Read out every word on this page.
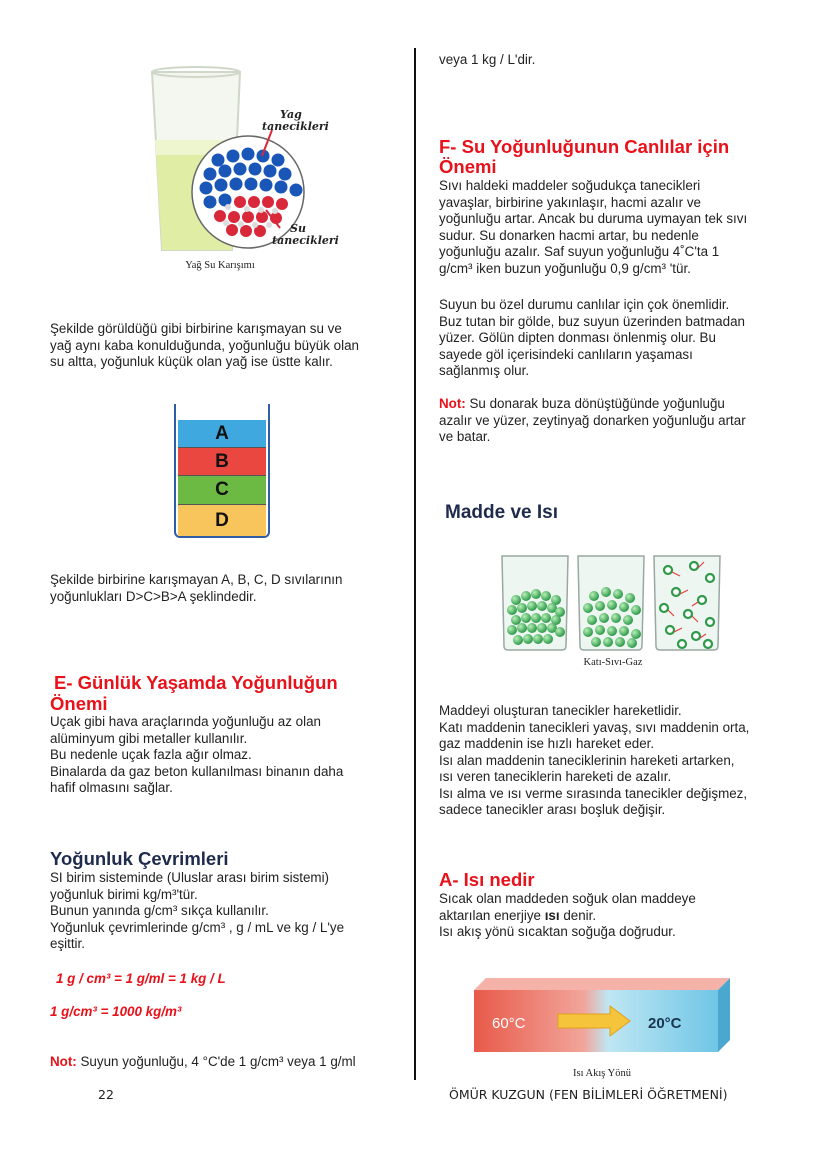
Yag
tanecikleri
Su
tanecikleri
Yağ Su Karışımı
Şekilde görüldüğü gibi birbirine karışmayan su ve
yağ aynı kaba konulduğunda, yoğunluğu büyük olan
su altta, yoğunluk küçük olan yağ ise üstte kalır.
A
B
C
D
Şekilde birbirine karışmayan A, B, C, D sıvılarının
yoğunlukları D>C>B>A şeklindedir.
E- Günlük Yaşamda Yoğunluğun
Önemi
Uçak gibi hava araçlarında yoğunluğu az olan
alüminyum gibi metaller kullanılır.
Bu nedenle uçak fazla ağır olmaz.
Binalarda da gaz beton kullanılması binanın daha
hafif olmasını sağlar.
Yoğunluk Çevrimleri
SI birim sisteminde (Uluslar arası birim sistemi)
yoğunluk birimi kg/m³'tür.
Bunun yanında g/cm³ sıkça kullanılır.
Yoğunluk çevrimlerinde g/cm³ , g / mL ve kg / L'ye
eşittir.
1 g / cm³ = 1 g/ml = 1 kg / L
1 g/cm³ = 1000 kg/m³
Not: Suyun yoğunluğu, 4 °C'de 1 g/cm³ veya 1 g/ml
22
veya 1 kg / L'dir.
F- Su Yoğunluğunun Canlılar için
Önemi
Sıvı haldeki maddeler soğudukça tanecikleri
yavaşlar, birbirine yakınlaşır, hacmi azalır ve
yoğunluğu artar. Ancak bu duruma uymayan tek sıvı
sudur. Su donarken hacmi artar, bu nedenle
yoğunluğu azalır. Saf suyun yoğunluğu 4˚C'ta 1
g/cm³ iken buzun yoğunluğu 0,9 g/cm³ 'tür.
Suyun bu özel durumu canlılar için çok önemlidir.
Buz tutan bir gölde, buz suyun üzerinden batmadan
yüzer. Gölün dipten donması önlenmiş olur. Bu
sayede göl içerisindeki canlıların yaşaması
sağlanmış olur.
Not: Su donarak buza dönüştüğünde yoğunluğu
azalır ve yüzer, zeytinyağ donarken yoğunluğu artar
ve batar.
Madde ve Isı
Katı-Sıvı-Gaz
Maddeyi oluşturan tanecikler hareketlidir.
Katı maddenin tanecikleri yavaş, sıvı maddenin orta,
gaz maddenin ise hızlı hareket eder.
Isı alan maddenin taneciklerinin hareketi artarken,
ısı veren taneciklerin hareketi de azalır.
Isı alma ve ısı verme sırasında tanecikler değişmez,
sadece tanecikler arası boşluk değişir.
A- Isı nedir
Sıcak olan maddeden soğuk olan maddeye
aktarılan enerjiye ısı denir.
Isı akış yönü sıcaktan soğuğa doğrudur.
60°C	20°C
Isı Akış Yönü
ÖMÜR KUZGUN (FEN BİLİMLERİ ÖĞRETMENİ)
